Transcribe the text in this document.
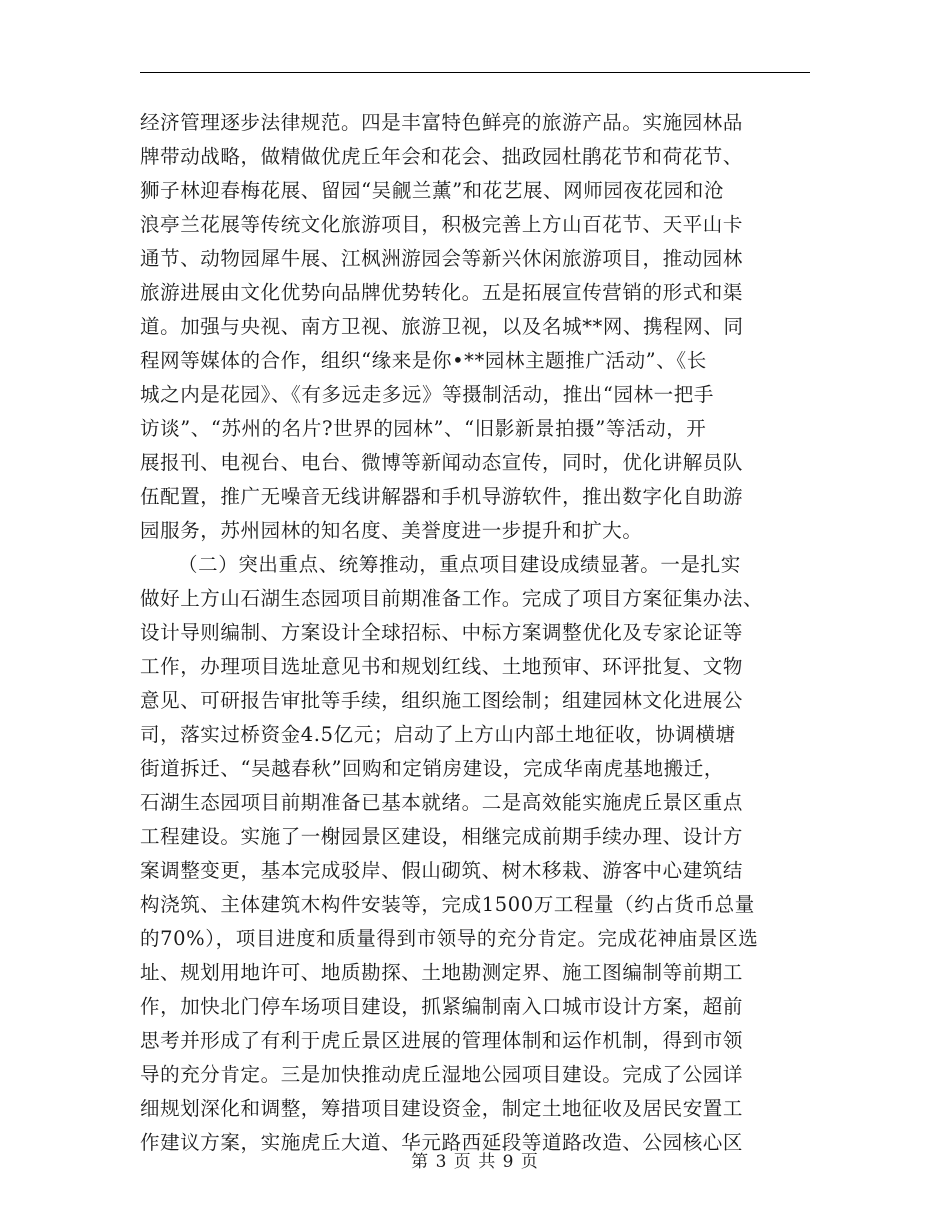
经济管理逐步法律规范。四是丰富特色鲜亮的旅游产品。实施园林品
牌带动战略，做精做优虎丘年会和花会、拙政园杜鹃花节和荷花节、
狮子林迎春梅花展、留园“吴觎兰薰”和花艺展、网师园夜花园和沧
浪亭兰花展等传统文化旅游项目，积极完善上方山百花节、天平山卡
通节、动物园犀牛展、江枫洲游园会等新兴休闲旅游项目，推动园林
旅游进展由文化优势向品牌优势转化。五是拓展宣传营销的形式和渠
道。加强与央视、南方卫视、旅游卫视，以及名城**网、携程网、同
程网等媒体的合作，组织“缘来是你•**园林主题推广活动”、《长
城之内是花园》、《有多远走多远》等摄制活动，推出“园林一把手
访谈”、“苏州的名片?世界的园林”、“旧影新景拍摄”等活动，开
展报刊、电视台、电台、微博等新闻动态宣传，同时，优化讲解员队
伍配置，推广无噪音无线讲解器和手机导游软件，推出数字化自助游
园服务，苏州园林的知名度、美誉度进一步提升和扩大。
（二）突出重点、统筹推动，重点项目建设成绩显著。一是扎实
做好上方山石湖生态园项目前期准备工作。完成了项目方案征集办法、
设计导则编制、方案设计全球招标、中标方案调整优化及专家论证等
工作，办理项目选址意见书和规划红线、土地预审、环评批复、文物
意见、可研报告审批等手续，组织施工图绘制；组建园林文化进展公
司，落实过桥资金4.5亿元；启动了上方山内部土地征收，协调横塘
街道拆迁、“吴越春秋”回购和定销房建设，完成华南虎基地搬迁，
石湖生态园项目前期准备已基本就绪。二是高效能实施虎丘景区重点
工程建设。实施了一榭园景区建设，相继完成前期手续办理、设计方
案调整变更，基本完成驳岸、假山砌筑、树木移栽、游客中心建筑结
构浇筑、主体建筑木构件安装等，完成1500万工程量（约占货币总量
的70%），项目进度和质量得到市领导的充分肯定。完成花神庙景区选
址、规划用地许可、地质勘探、土地勘测定界、施工图编制等前期工
作，加快北门停车场项目建设，抓紧编制南入口城市设计方案，超前
思考并形成了有利于虎丘景区进展的管理体制和运作机制，得到市领
导的充分肯定。三是加快推动虎丘湿地公园项目建设。完成了公园详
细规划深化和调整，筹措项目建设资金，制定土地征收及居民安置工
作建议方案，实施虎丘大道、华元路西延段等道路改造、公园核心区
第 3 页 共 9 页
